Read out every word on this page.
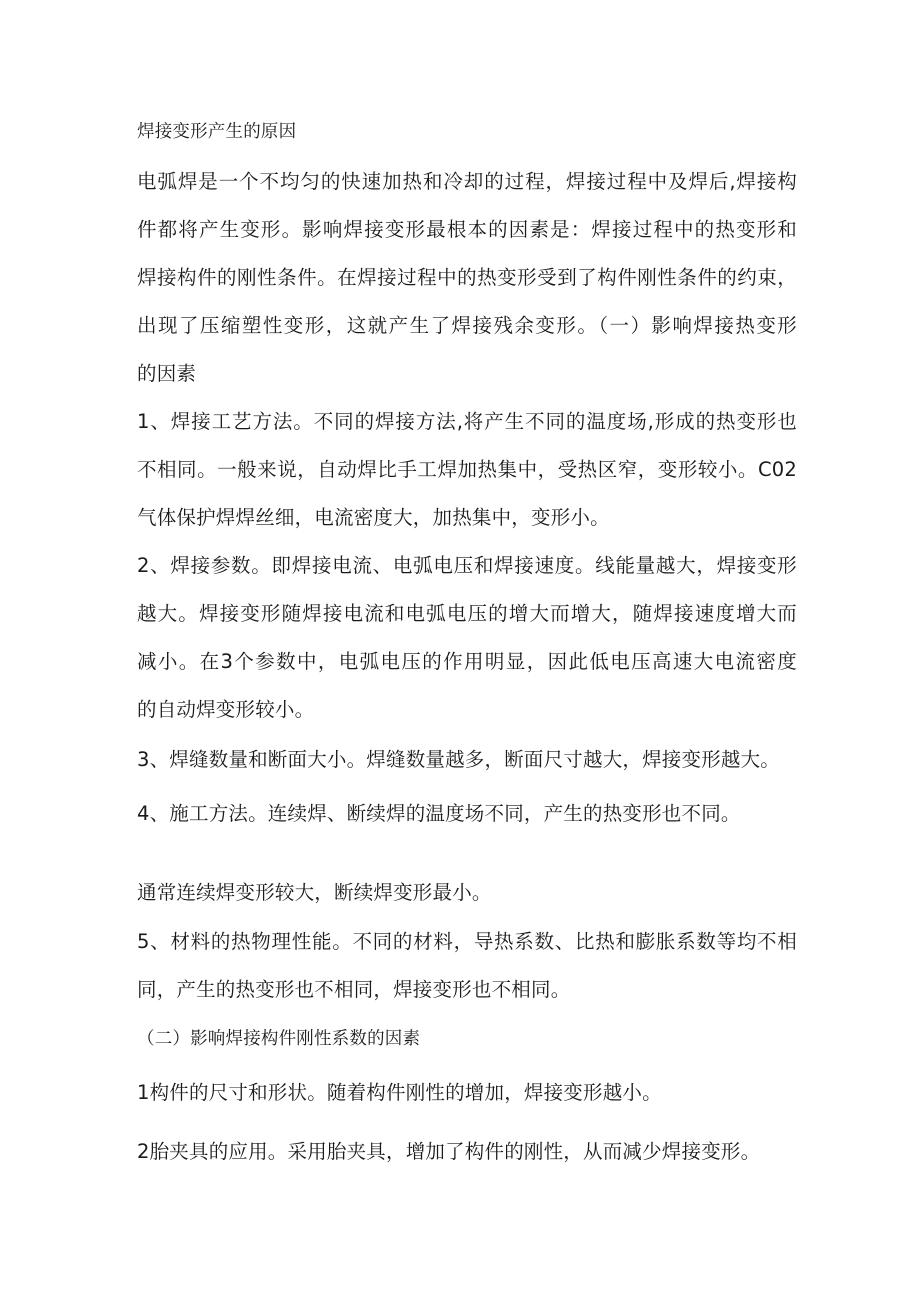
焊接变形产生的原因
电弧焊是一个不均匀的快速加热和冷却的过程，焊接过程中及焊后,焊接构
件都将产生变形。影响焊接变形最根本的因素是：焊接过程中的热变形和
焊接构件的刚性条件。在焊接过程中的热变形受到了构件刚性条件的约束，
出现了压缩塑性变形，这就产生了焊接残余变形。（一）影响焊接热变形
的因素
1、焊接工艺方法。不同的焊接方法,将产生不同的温度场,形成的热变形也
不相同。一般来说，自动焊比手工焊加热集中，受热区窄，变形较小。C02
气体保护焊焊丝细，电流密度大，加热集中，变形小。
2、焊接参数。即焊接电流、电弧电压和焊接速度。线能量越大，焊接变形
越大。焊接变形随焊接电流和电弧电压的增大而增大，随焊接速度增大而
减小。在3个参数中，电弧电压的作用明显，因此低电压高速大电流密度
的自动焊变形较小。
3、焊缝数量和断面大小。焊缝数量越多，断面尺寸越大，焊接变形越大。
4、施工方法。连续焊、断续焊的温度场不同，产生的热变形也不同。
通常连续焊变形较大，断续焊变形最小。
5、材料的热物理性能。不同的材料，导热系数、比热和膨胀系数等均不相
同，产生的热变形也不相同，焊接变形也不相同。
（二）影响焊接构件刚性系数的因素
1构件的尺寸和形状。随着构件刚性的增加，焊接变形越小。
2胎夹具的应用。采用胎夹具，增加了构件的刚性，从而减少焊接变形。
